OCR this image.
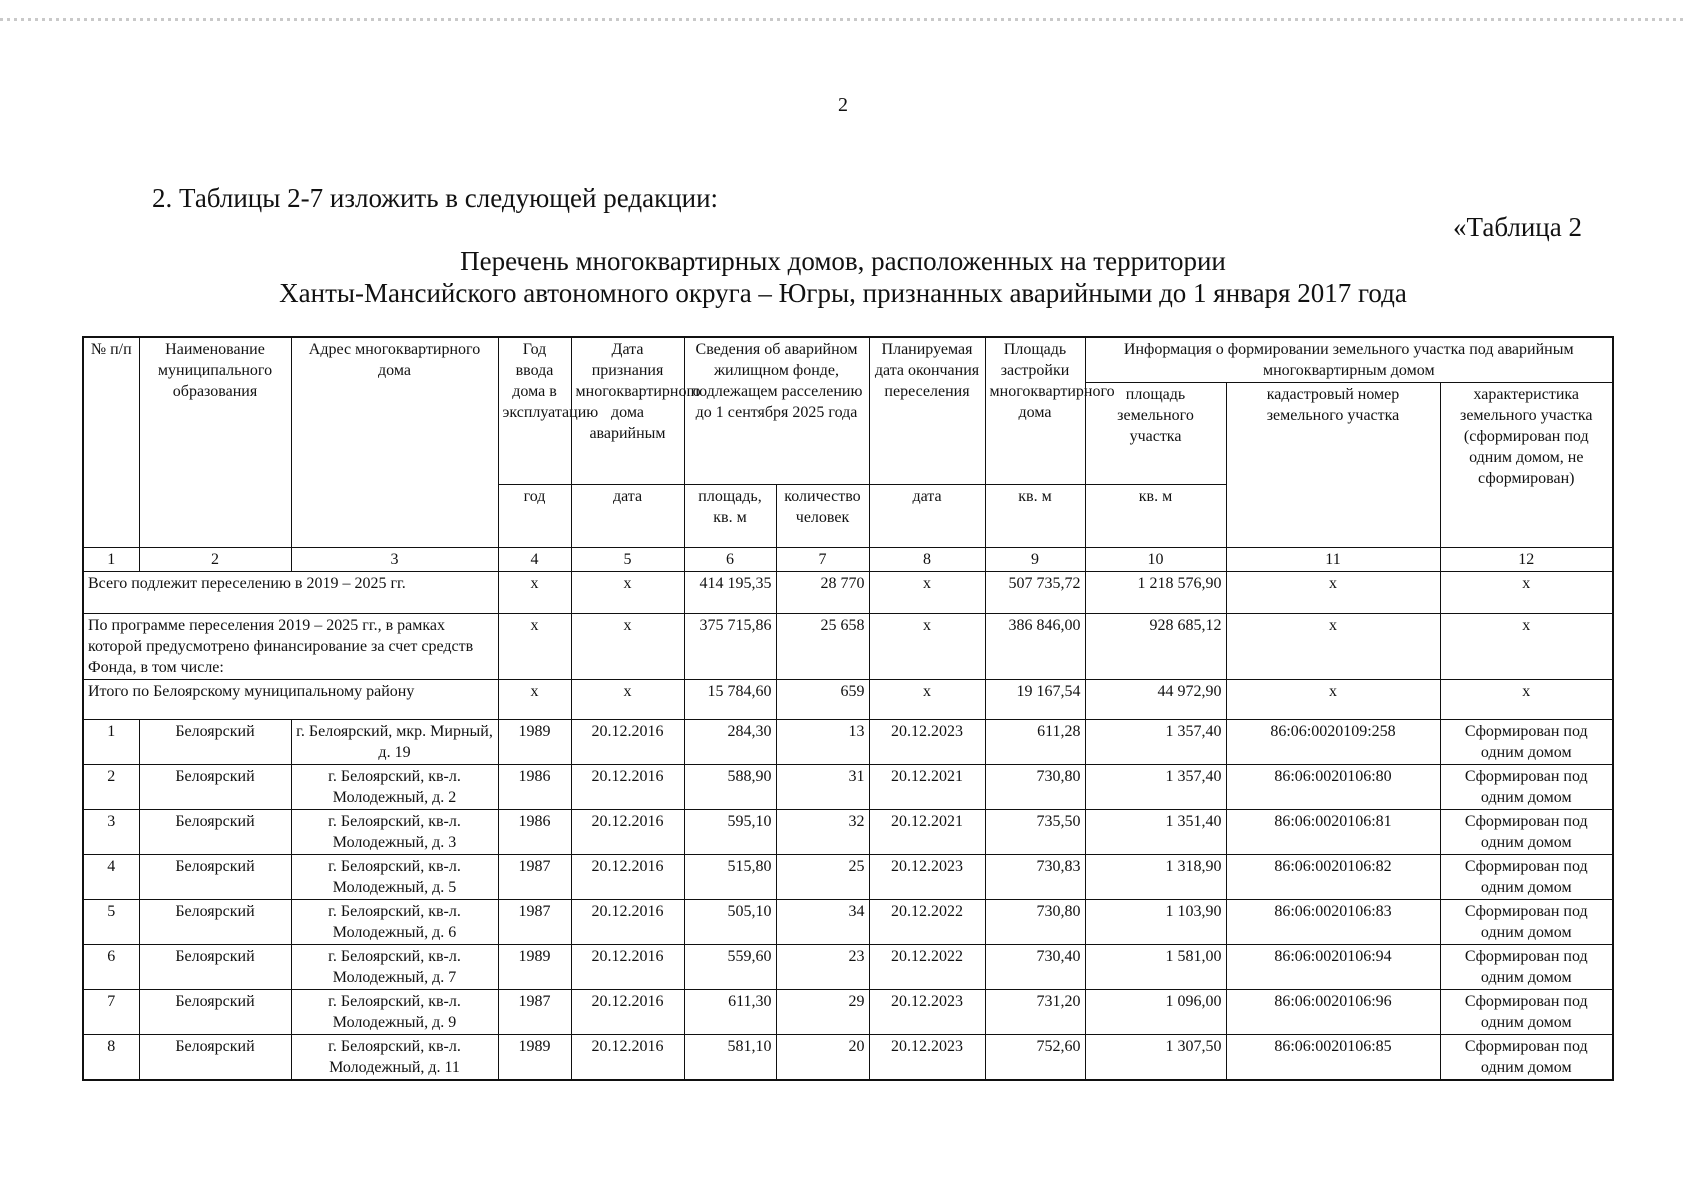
2
2. Таблицы 2-7 изложить в следующей редакции:
«Таблица 2
Перечень многоквартирных домов, расположенных на территории
Ханты-Мансийского автономного округа – Югры, признанных аварийными до 1 января 2017 года
№ п/п	Наименование муниципального образования	Адрес многоквартирного дома	Год ввода дома в эксплуатацию	Дата признания многоквартирного дома аварийным	Сведения об аварийном жилищном фонде, подлежащем расселению до 1 сентября 2025 года		Планируемая дата окончания переселения	Площадь застройки многоквартирного дома	Информация о формировании земельного участка под аварийным многоквартирным домом		
									площадь земельного участка	кадастровый номер земельного участка	характеристика земельного участка (сформирован под одним домом, не сформирован)
			год	дата	площадь, кв. м	количество человек	дата	кв. м	кв. м		
1	2	3	4	5	6	7	8	9	10	11	12
Всего подлежит переселению в 2019 – 2025 гг.			х	х	414 195,35	28 770	х	507 735,72	1 218 576,90	х	х
По программе переселения 2019 – 2025 гг., в рамках которой предусмотрено финансирование за счет средств Фонда, в том числе:			х	х	375 715,86	25 658	х	386 846,00	928 685,12	х	х
Итого по Белоярскому муниципальному району			х	х	15 784,60	659	х	19 167,54	44 972,90	х	х
1	Белоярский	г. Белоярский, мкр. Мирный, д. 19	1989	20.12.2016	284,30	13	20.12.2023	611,28	1 357,40	86:06:0020109:258	Сформирован под одним домом
2	Белоярский	г. Белоярский, кв-л. Молодежный, д. 2	1986	20.12.2016	588,90	31	20.12.2021	730,80	1 357,40	86:06:0020106:80	Сформирован под одним домом
3	Белоярский	г. Белоярский, кв-л. Молодежный, д. 3	1986	20.12.2016	595,10	32	20.12.2021	735,50	1 351,40	86:06:0020106:81	Сформирован под одним домом
4	Белоярский	г. Белоярский, кв-л. Молодежный, д. 5	1987	20.12.2016	515,80	25	20.12.2023	730,83	1 318,90	86:06:0020106:82	Сформирован под одним домом
5	Белоярский	г. Белоярский, кв-л. Молодежный, д. 6	1987	20.12.2016	505,10	34	20.12.2022	730,80	1 103,90	86:06:0020106:83	Сформирован под одним домом
6	Белоярский	г. Белоярский, кв-л. Молодежный, д. 7	1989	20.12.2016	559,60	23	20.12.2022	730,40	1 581,00	86:06:0020106:94	Сформирован под одним домом
7	Белоярский	г. Белоярский, кв-л. Молодежный, д. 9	1987	20.12.2016	611,30	29	20.12.2023	731,20	1 096,00	86:06:0020106:96	Сформирован под одним домом
8	Белоярский	г. Белоярский, кв-л. Молодежный, д. 11	1989	20.12.2016	581,10	20	20.12.2023	752,60	1 307,50	86:06:0020106:85	Сформирован под одним домом
